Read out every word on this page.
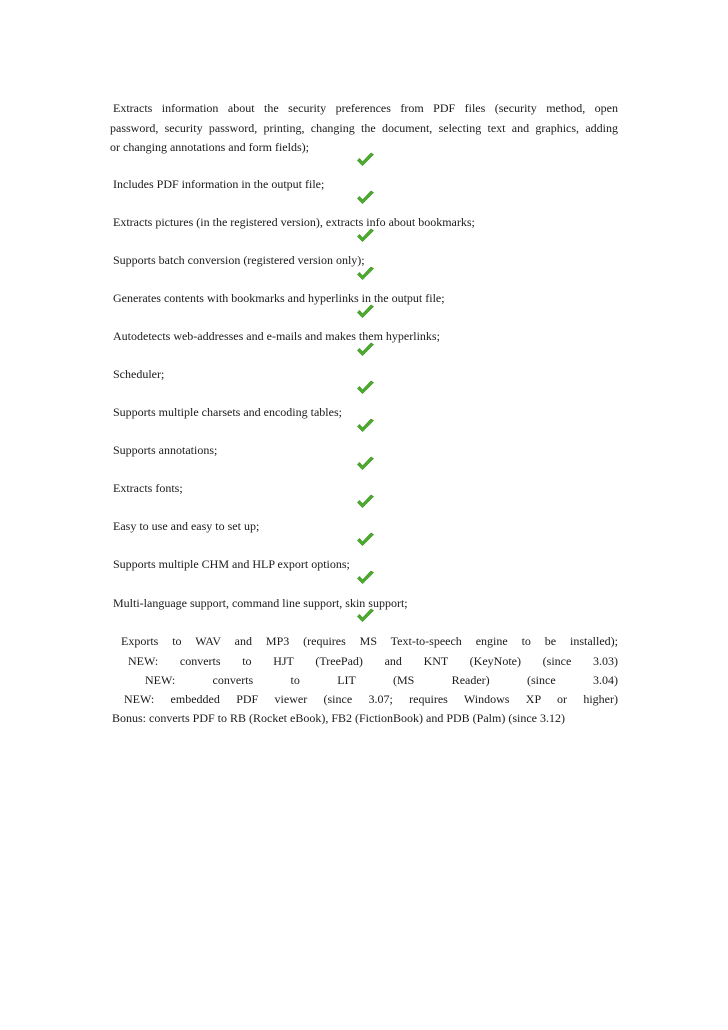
Extracts information about the security preferences from PDF files (security method, open
password, security password, printing, changing the document, selecting text and graphics, adding
or changing annotations and form fields);
Includes PDF information in the output file;
Extracts pictures (in the registered version), extracts info about bookmarks;
Supports batch conversion (registered version only);
Generates contents with bookmarks and hyperlinks in the output file;
Autodetects web-addresses and e-mails and makes them hyperlinks;
Scheduler;
Supports multiple charsets and encoding tables;
Supports annotations;
Extracts fonts;
Easy to use and easy to set up;
Supports multiple CHM and HLP export options;
Multi-language support, command line support, skin support;
Exports to WAV and MP3 (requires MS Text-to-speech engine to be installed);
NEW: converts to HJT (TreePad) and KNT (KeyNote) (since 3.03)
NEW: converts to LIT (MS Reader) (since 3.04)
NEW: embedded PDF viewer (since 3.07; requires Windows XP or higher)
Bonus: converts PDF to RB (Rocket eBook), FB2 (FictionBook) and PDB (Palm) (since 3.12)
